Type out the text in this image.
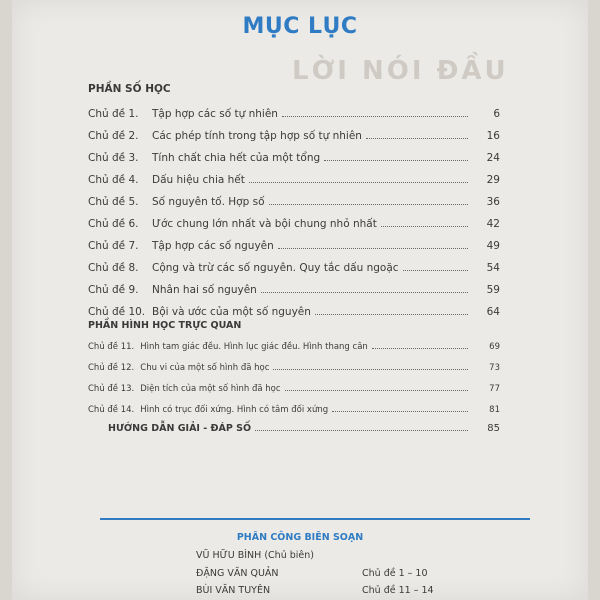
LỜI NÓI ĐẦU
MỤC LỤC
PHẦN SỐ HỌC
Chủ đề 1.	Tập hợp các số tự nhiên	6
Chủ đề 2.	Các phép tính trong tập hợp số tự nhiên	16
Chủ đề 3.	Tính chất chia hết của một tổng	24
Chủ đề 4.	Dấu hiệu chia hết	29
Chủ đề 5.	Số nguyên tố. Hợp số	36
Chủ đề 6.	Ước chung lớn nhất và bội chung nhỏ nhất	42
Chủ đề 7.	Tập hợp các số nguyên	49
Chủ đề 8.	Cộng và trừ các số nguyên. Quy tắc dấu ngoặc	54
Chủ đề 9.	Nhân hai số nguyên	59
Chủ đề 10. Bội và ước của một số nguyên	64
PHẦN HÌNH HỌC TRỰC QUAN
Chủ đề 11. Hình tam giác đều. Hình lục giác đều. Hình thang cân	69
Chủ đề 12. Chu vi của một số hình đã học	73
Chủ đề 13. Diện tích của một số hình đã học	77
Chủ đề 14. Hình có trục đối xứng. Hình có tâm đối xứng	81
HƯỚNG DẪN GIẢI - ĐÁP SỐ	85
PHÂN CÔNG BIÊN SOẠN
VŨ HỮU BÌNH (Chủ biên)
ĐẶNG VĂN QUẢN	Chủ đề 1 – 10
BÙI VĂN TUYÊN	Chủ đề 11 – 14
